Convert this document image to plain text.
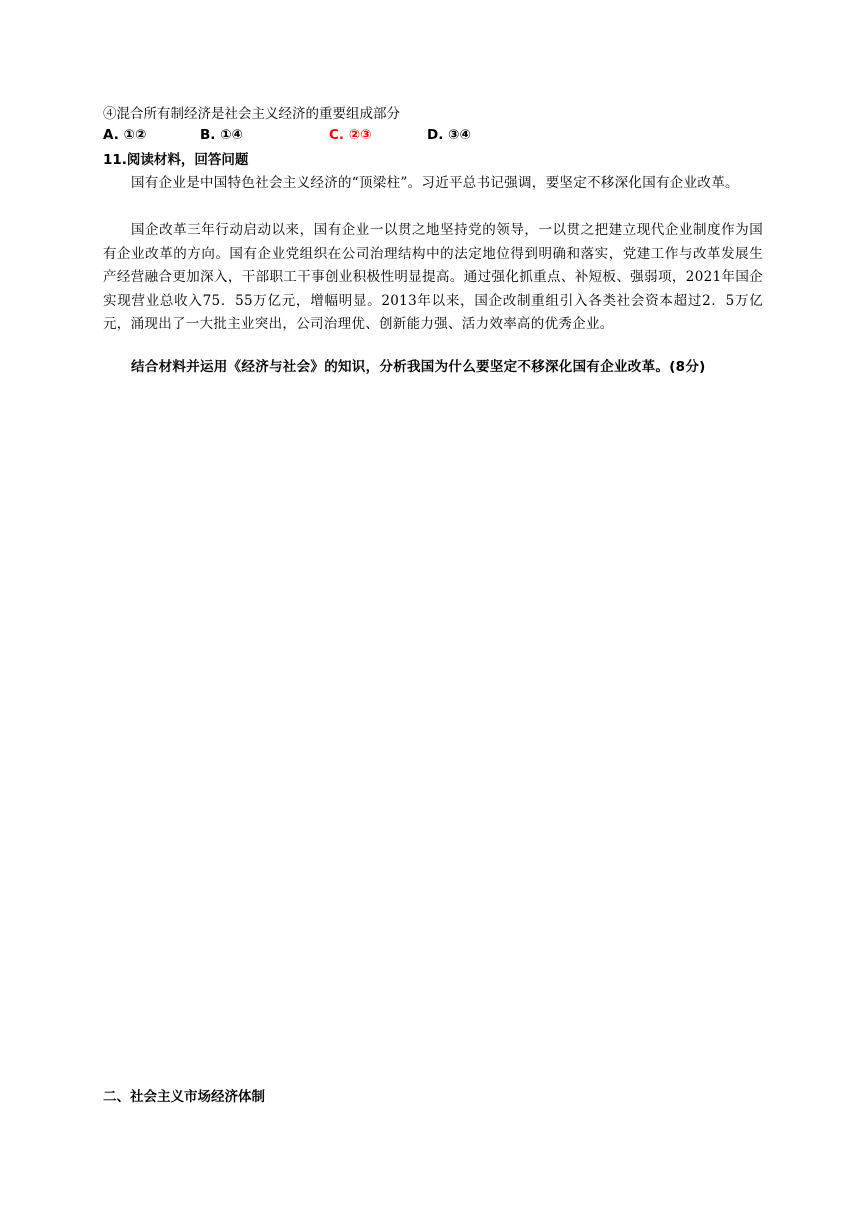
④混合所有制经济是社会主义经济的重要组成部分
A. ①②	B. ①④	C. ②③	D. ③④
11.阅读材料，回答问题
国有企业是中国特色社会主义经济的“顶梁柱”。习近平总书记强调，要坚定不移深化国有企业改革。
国企改革三年行动启动以来，国有企业一以贯之地坚持党的领导，一以贯之把建立现代企业制度作为国有企业改革的方向。国有企业党组织在公司治理结构中的法定地位得到明确和落实，党建工作与改革发展生产经营融合更加深入，干部职工干事创业积极性明显提高。通过强化抓重点、补短板、强弱项，2021年国企实现营业总收入75．55万亿元，增幅明显。2013年以来，国企改制重组引入各类社会资本超过2．5万亿元，涌现出了一大批主业突出，公司治理优、创新能力强、活力效率高的优秀企业。
结合材料并运用《经济与社会》的知识，分析我国为什么要坚定不移深化国有企业改革。(8分)
二、社会主义市场经济体制
